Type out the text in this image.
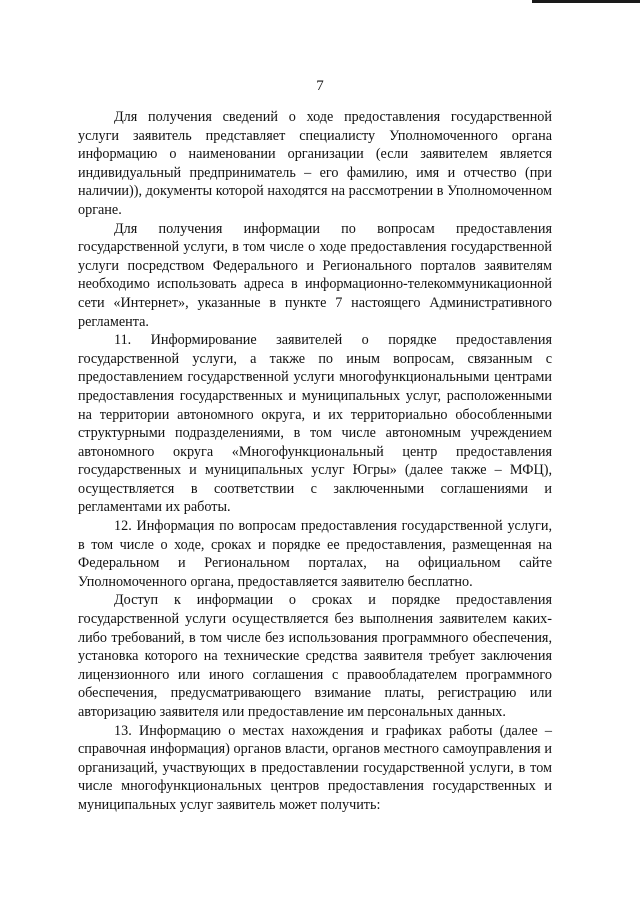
7

Для получения сведений о ходе предоставления государственной услуги заявитель представляет специалисту Уполномоченного органа информацию о наименовании организации (если заявителем является индивидуальный предприниматель – его фамилию, имя и отчество (при наличии)), документы которой находятся на рассмотрении в Уполномоченном органе.

Для получения информации по вопросам предоставления государственной услуги, в том числе о ходе предоставления государственной услуги посредством Федерального и Регионального порталов заявителям необходимо использовать адреса в информационно-телекоммуникационной сети «Интернет», указанные в пункте 7 настоящего Административного регламента.

11. Информирование заявителей о порядке предоставления государственной услуги, а также по иным вопросам, связанным с предоставлением государственной услуги многофункциональными центрами предоставления государственных и муниципальных услуг, расположенными на территории автономного округа, и их территориально обособленными структурными подразделениями, в том числе автономным учреждением автономного округа «Многофункциональный центр предоставления государственных и муниципальных услуг Югры» (далее также – МФЦ), осуществляется в соответствии с заключенными соглашениями и регламентами их работы.

12. Информация по вопросам предоставления государственной услуги, в том числе о ходе, сроках и порядке ее предоставления, размещенная на Федеральном и Региональном порталах, на официальном сайте Уполномоченного органа, предоставляется заявителю бесплатно.

Доступ к информации о сроках и порядке предоставления государственной услуги осуществляется без выполнения заявителем каких-либо требований, в том числе без использования программного обеспечения, установка которого на технические средства заявителя требует заключения лицензионного или иного соглашения с правообладателем программного обеспечения, предусматривающего взимание платы, регистрацию или авторизацию заявителя или предоставление им персональных данных.

13. Информацию о местах нахождения и графиках работы (далее – справочная информация) органов власти, органов местного самоуправления и организаций, участвующих в предоставлении государственной услуги, в том числе многофункциональных центров предоставления государственных и муниципальных услуг заявитель может получить:
